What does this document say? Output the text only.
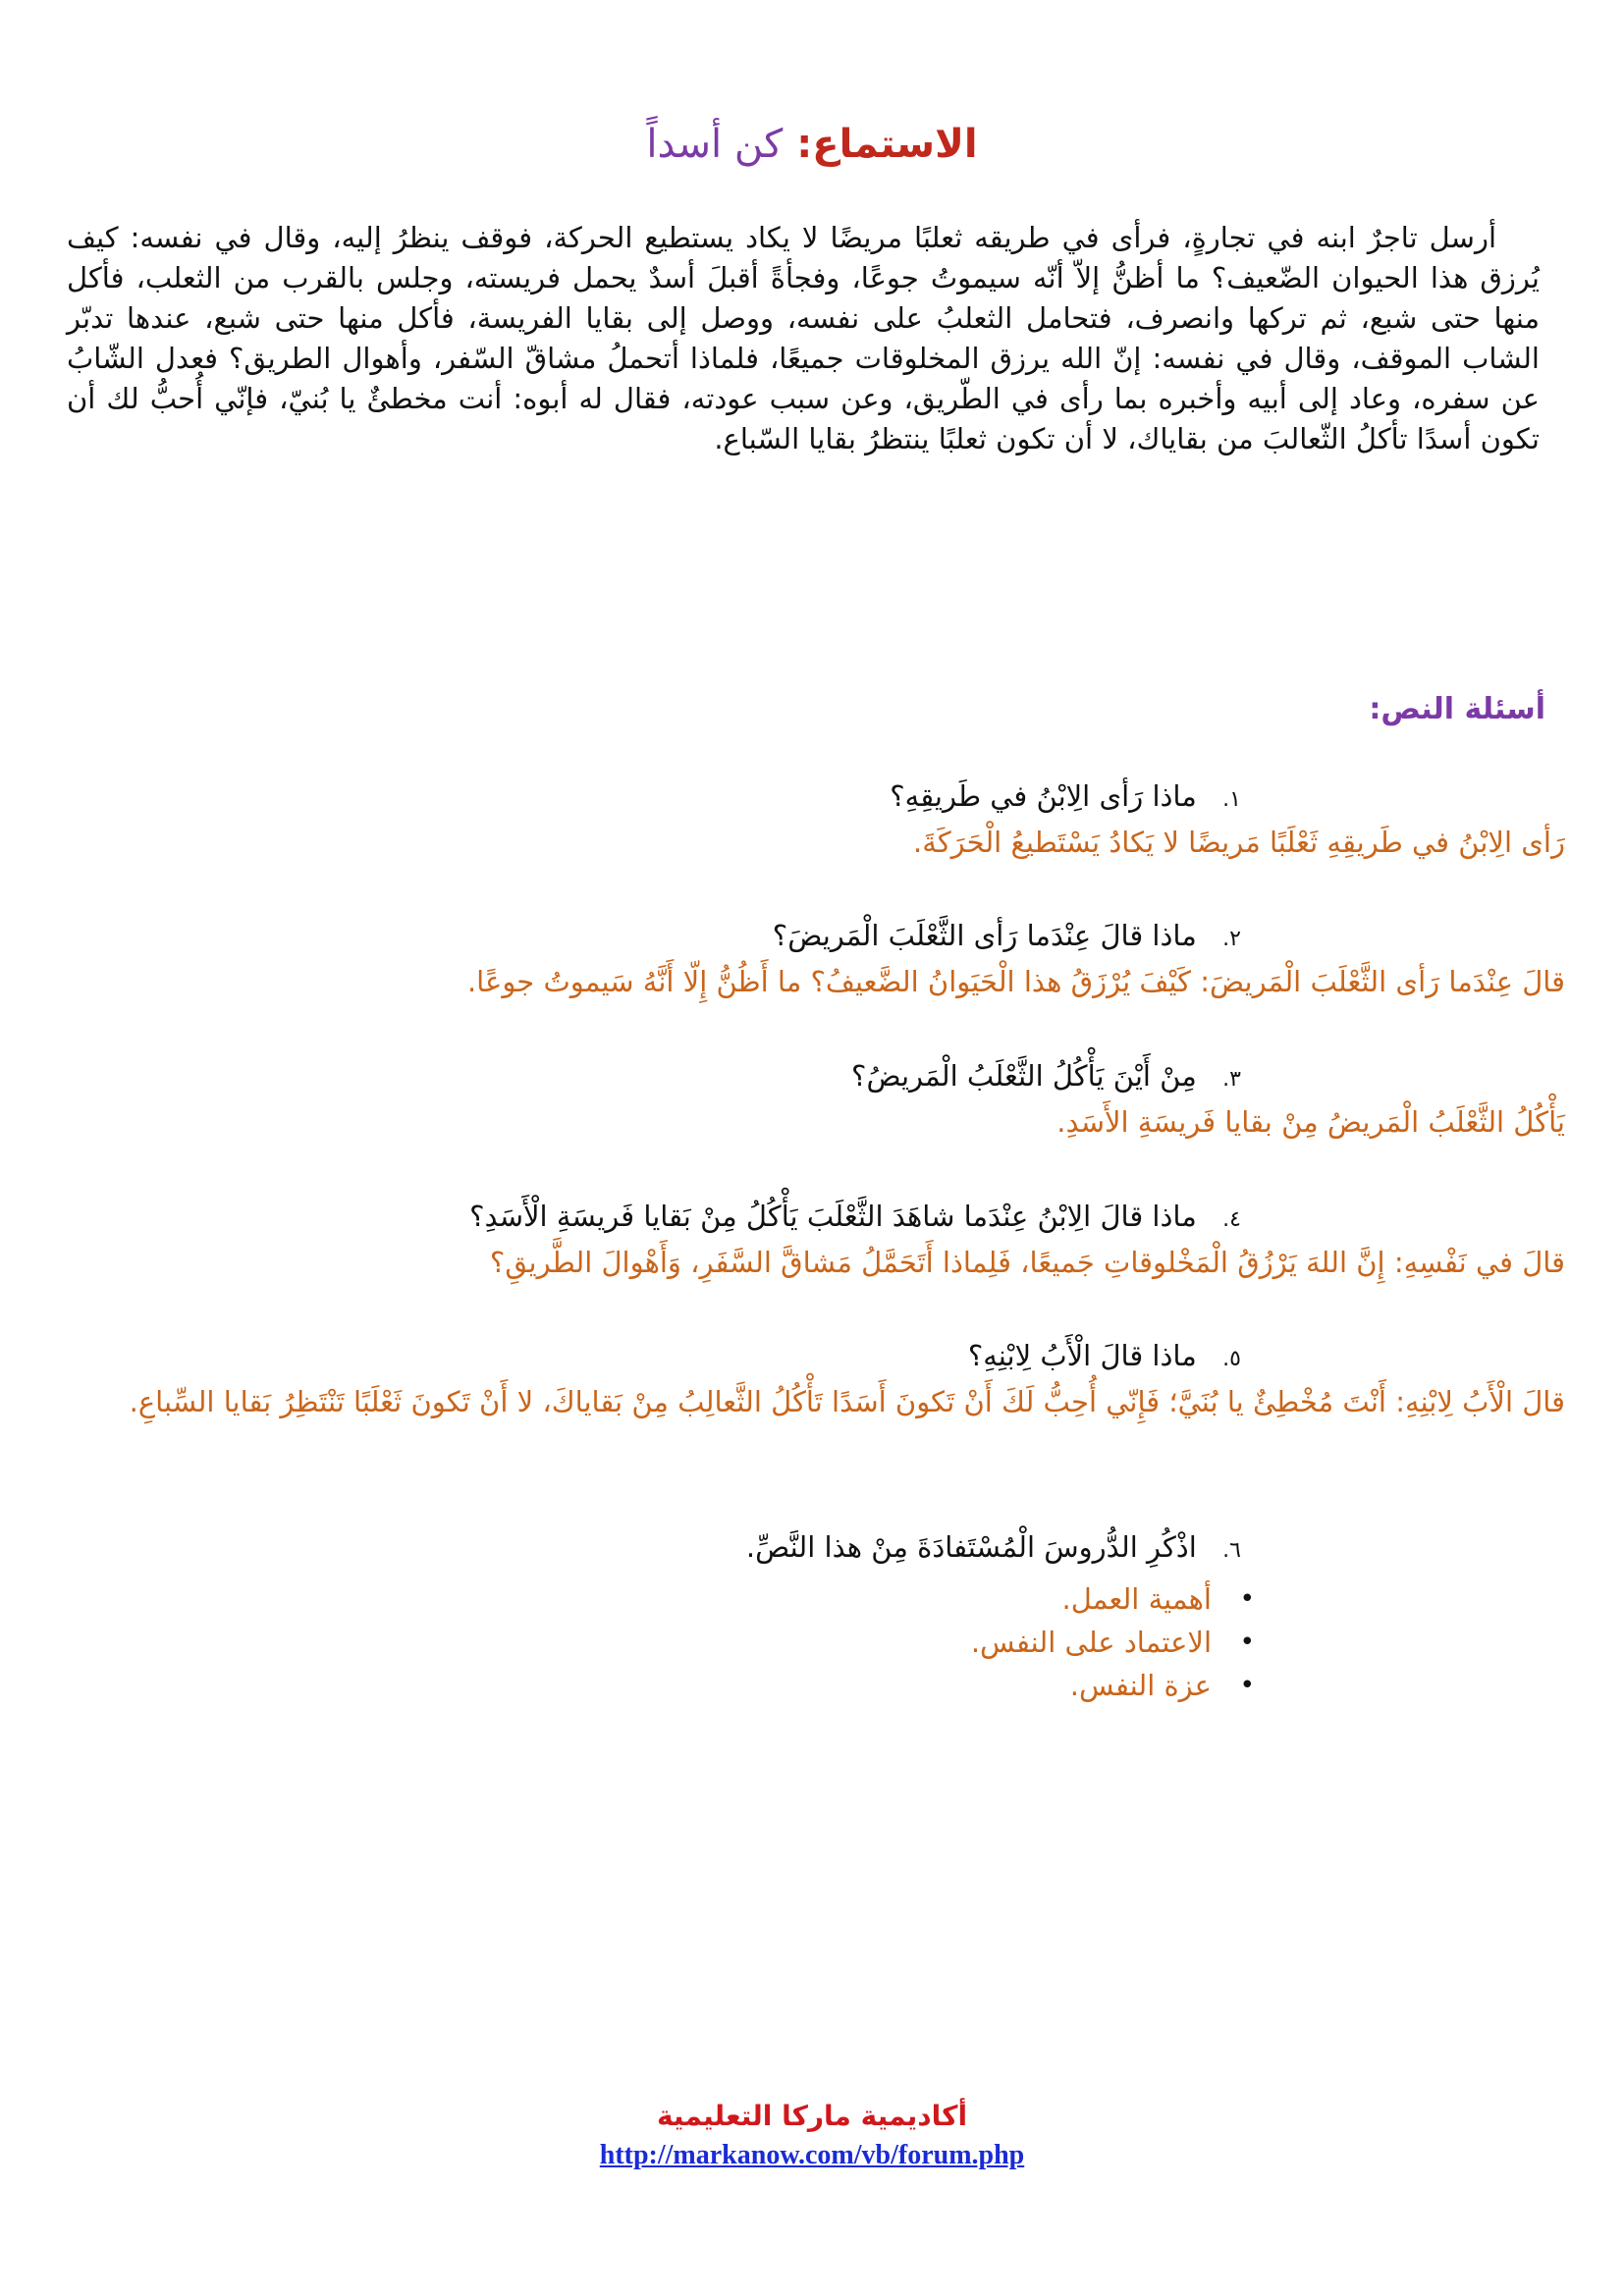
الاستماع: كن أسداً
أرسل تاجرٌ ابنه في تجارةٍ، فرأى في طريقه ثعلبًا مريضًا لا يكاد يستطيع الحركة، فوقف ينظرُ إليه، وقال في نفسه: كيف يُرزق هذا الحيوان الضّعيف؟ ما أظنُّ إلاّ أنّه سيموتُ جوعًا، وفجأةً أقبلَ أسدٌ يحمل فريسته، وجلس بالقرب من الثعلب، فأكل منها حتى شبع، ثم تركها وانصرف، فتحامل الثعلبُ على نفسه، ووصل إلى بقايا الفريسة، فأكل منها حتى شبع، عندها تدبّر الشاب الموقف، وقال في نفسه: إنّ الله يرزق المخلوقات جميعًا، فلماذا أتحملُ مشاقّ السّفر، وأهوال الطريق؟ فعدل الشّابُ عن سفره، وعاد إلى أبيه وأخبره بما رأى في الطّريق، وعن سبب عودته، فقال له أبوه: أنت مخطئٌ يا بُنيّ، فإنّي أُحبُّ لك أن تكون أسدًا تأكلُ الثّعالبَ من بقاياك، لا أن تكون ثعلبًا ينتظرُ بقايا السّباع.
أسئلة النص:
١. ماذا رَأى الِابْنُ في طَريقِهِ؟
رَأى الِابْنُ في طَريقِهِ ثَعْلَبًا مَريضًا لا يَكادُ يَسْتَطيعُ الْحَرَكَةَ.
٢. ماذا قالَ عِنْدَما رَأى الثَّعْلَبَ الْمَريضَ؟
قالَ عِنْدَما رَأى الثَّعْلَبَ الْمَريضَ: كَيْفَ يُرْزَقُ هذا الْحَيَوانُ الضَّعيفُ؟ ما أَظُنُّ إِلّا أَنَّهُ سَيموتُ جوعًا.
٣. مِنْ أَيْنَ يَأْكُلُ الثَّعْلَبُ الْمَريضُ؟
يَأْكُلُ الثَّعْلَبُ الْمَريضُ مِنْ بقايا فَريسَةِ الأَسَدِ.
٤. ماذا قالَ الِابْنُ عِنْدَما شاهَدَ الثَّعْلَبَ يَأْكُلُ مِنْ بَقايا فَريسَةِ الْأَسَدِ؟
قالَ في نَفْسِهِ: إِنَّ اللهَ يَرْزُقُ الْمَخْلوقاتِ جَميعًا، فَلِماذا أَتَحَمَّلُ مَشاقَّ السَّفَرِ، وَأَهْوالَ الطَّريقِ؟
٥. ماذا قالَ الْأَبُ لِابْنِهِ؟
قالَ الْأَبُ لِابْنِهِ: أَنْتَ مُخْطِئٌ يا بُنَيَّ؛ فَإِنّي أُحِبُّ لَكَ أَنْ تَكونَ أَسَدًا تَأْكُلُ الثَّعالِبُ مِنْ بَقاياكَ، لا أَنْ تَكونَ ثَعْلَبًا تَنْتَظِرُ بَقايا السِّباعِ.
٦. اذْكُرِ الدُّروسَ الْمُسْتَفادَةَ مِنْ هذا النَّصِّ.
•
أهمية العمل.
•
الاعتماد على النفس.
•
عزة النفس.
أكاديمية ماركا التعليمية
http://markanow.com/vb/forum.php
